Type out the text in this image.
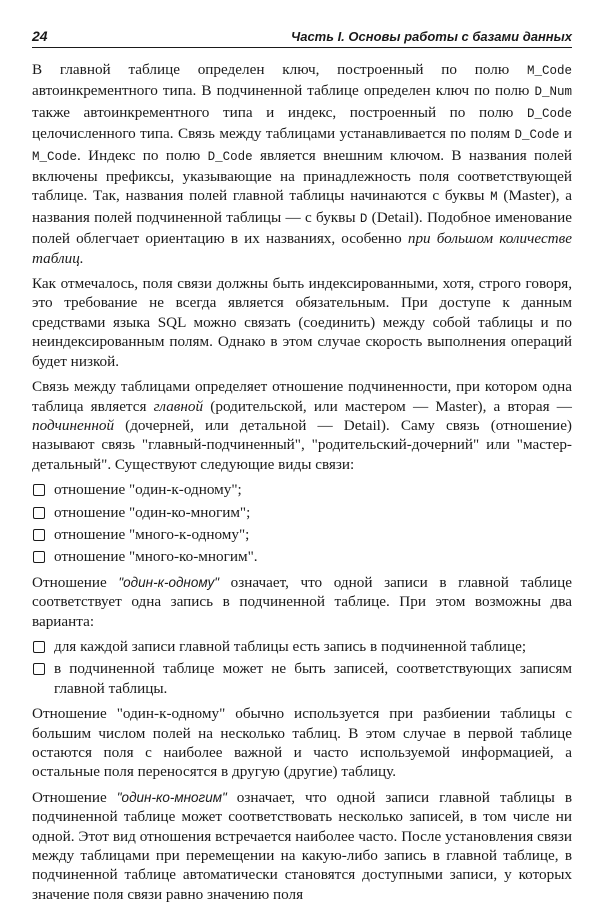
24	Часть I. Основы работы с базами данных

В главной таблице определен ключ, построенный по полю M_Code автоинкрементного типа. В подчиненной таблице определен ключ по полю D_Num также автоинкрементного типа и индекс, построенный по полю D_Code целочисленного типа. Связь между таблицами устанавливается по полям D_Code и M_Code. Индекс по полю D_Code является внешним ключом. В названия полей включены префиксы, указывающие на принадлежность поля соответствующей таблице. Так, названия полей главной таблицы начинаются с буквы M (Master), а названия полей подчиненной таблицы — с буквы D (Detail). Подобное именование полей облегчает ориентацию в их названиях, особенно при большом количестве таблиц.

Как отмечалось, поля связи должны быть индексированными, хотя, строго говоря, это требование не всегда является обязательным. При доступе к данным средствами языка SQL можно связать (соединить) между собой таблицы и по неиндексированным полям. Однако в этом случае скорость выполнения операций будет низкой.

Связь между таблицами определяет отношение подчиненности, при котором одна таблица является главной (родительской, или мастером — Master), а вторая — подчиненной (дочерней, или детальной — Detail). Саму связь (отношение) называют связь "главный-подчиненный", "родительский-дочерний" или "мастер-детальный". Существуют следующие виды связи:

отношение "один-к-одному";
отношение "один-ко-многим";
отношение "много-к-одному";
отношение "много-ко-многим".

Отношение "один-к-одному" означает, что одной записи в главной таблице соответствует одна запись в подчиненной таблице. При этом возможны два варианта:

для каждой записи главной таблицы есть запись в подчиненной таблице;
в подчиненной таблице может не быть записей, соответствующих записям главной таблицы.

Отношение "один-к-одному" обычно используется при разбиении таблицы с большим числом полей на несколько таблиц. В этом случае в первой таблице остаются поля с наиболее важной и часто используемой информацией, а остальные поля переносятся в другую (другие) таблицу.

Отношение "один-ко-многим" означает, что одной записи главной таблицы в подчиненной таблице может соответствовать несколько записей, в том числе ни одной. Этот вид отношения встречается наиболее часто. После установления связи между таблицами при перемещении на какую-либо запись в главной таблице, в подчиненной таблице автоматически становятся доступными записи, у которых значение поля связи равно значению поля
